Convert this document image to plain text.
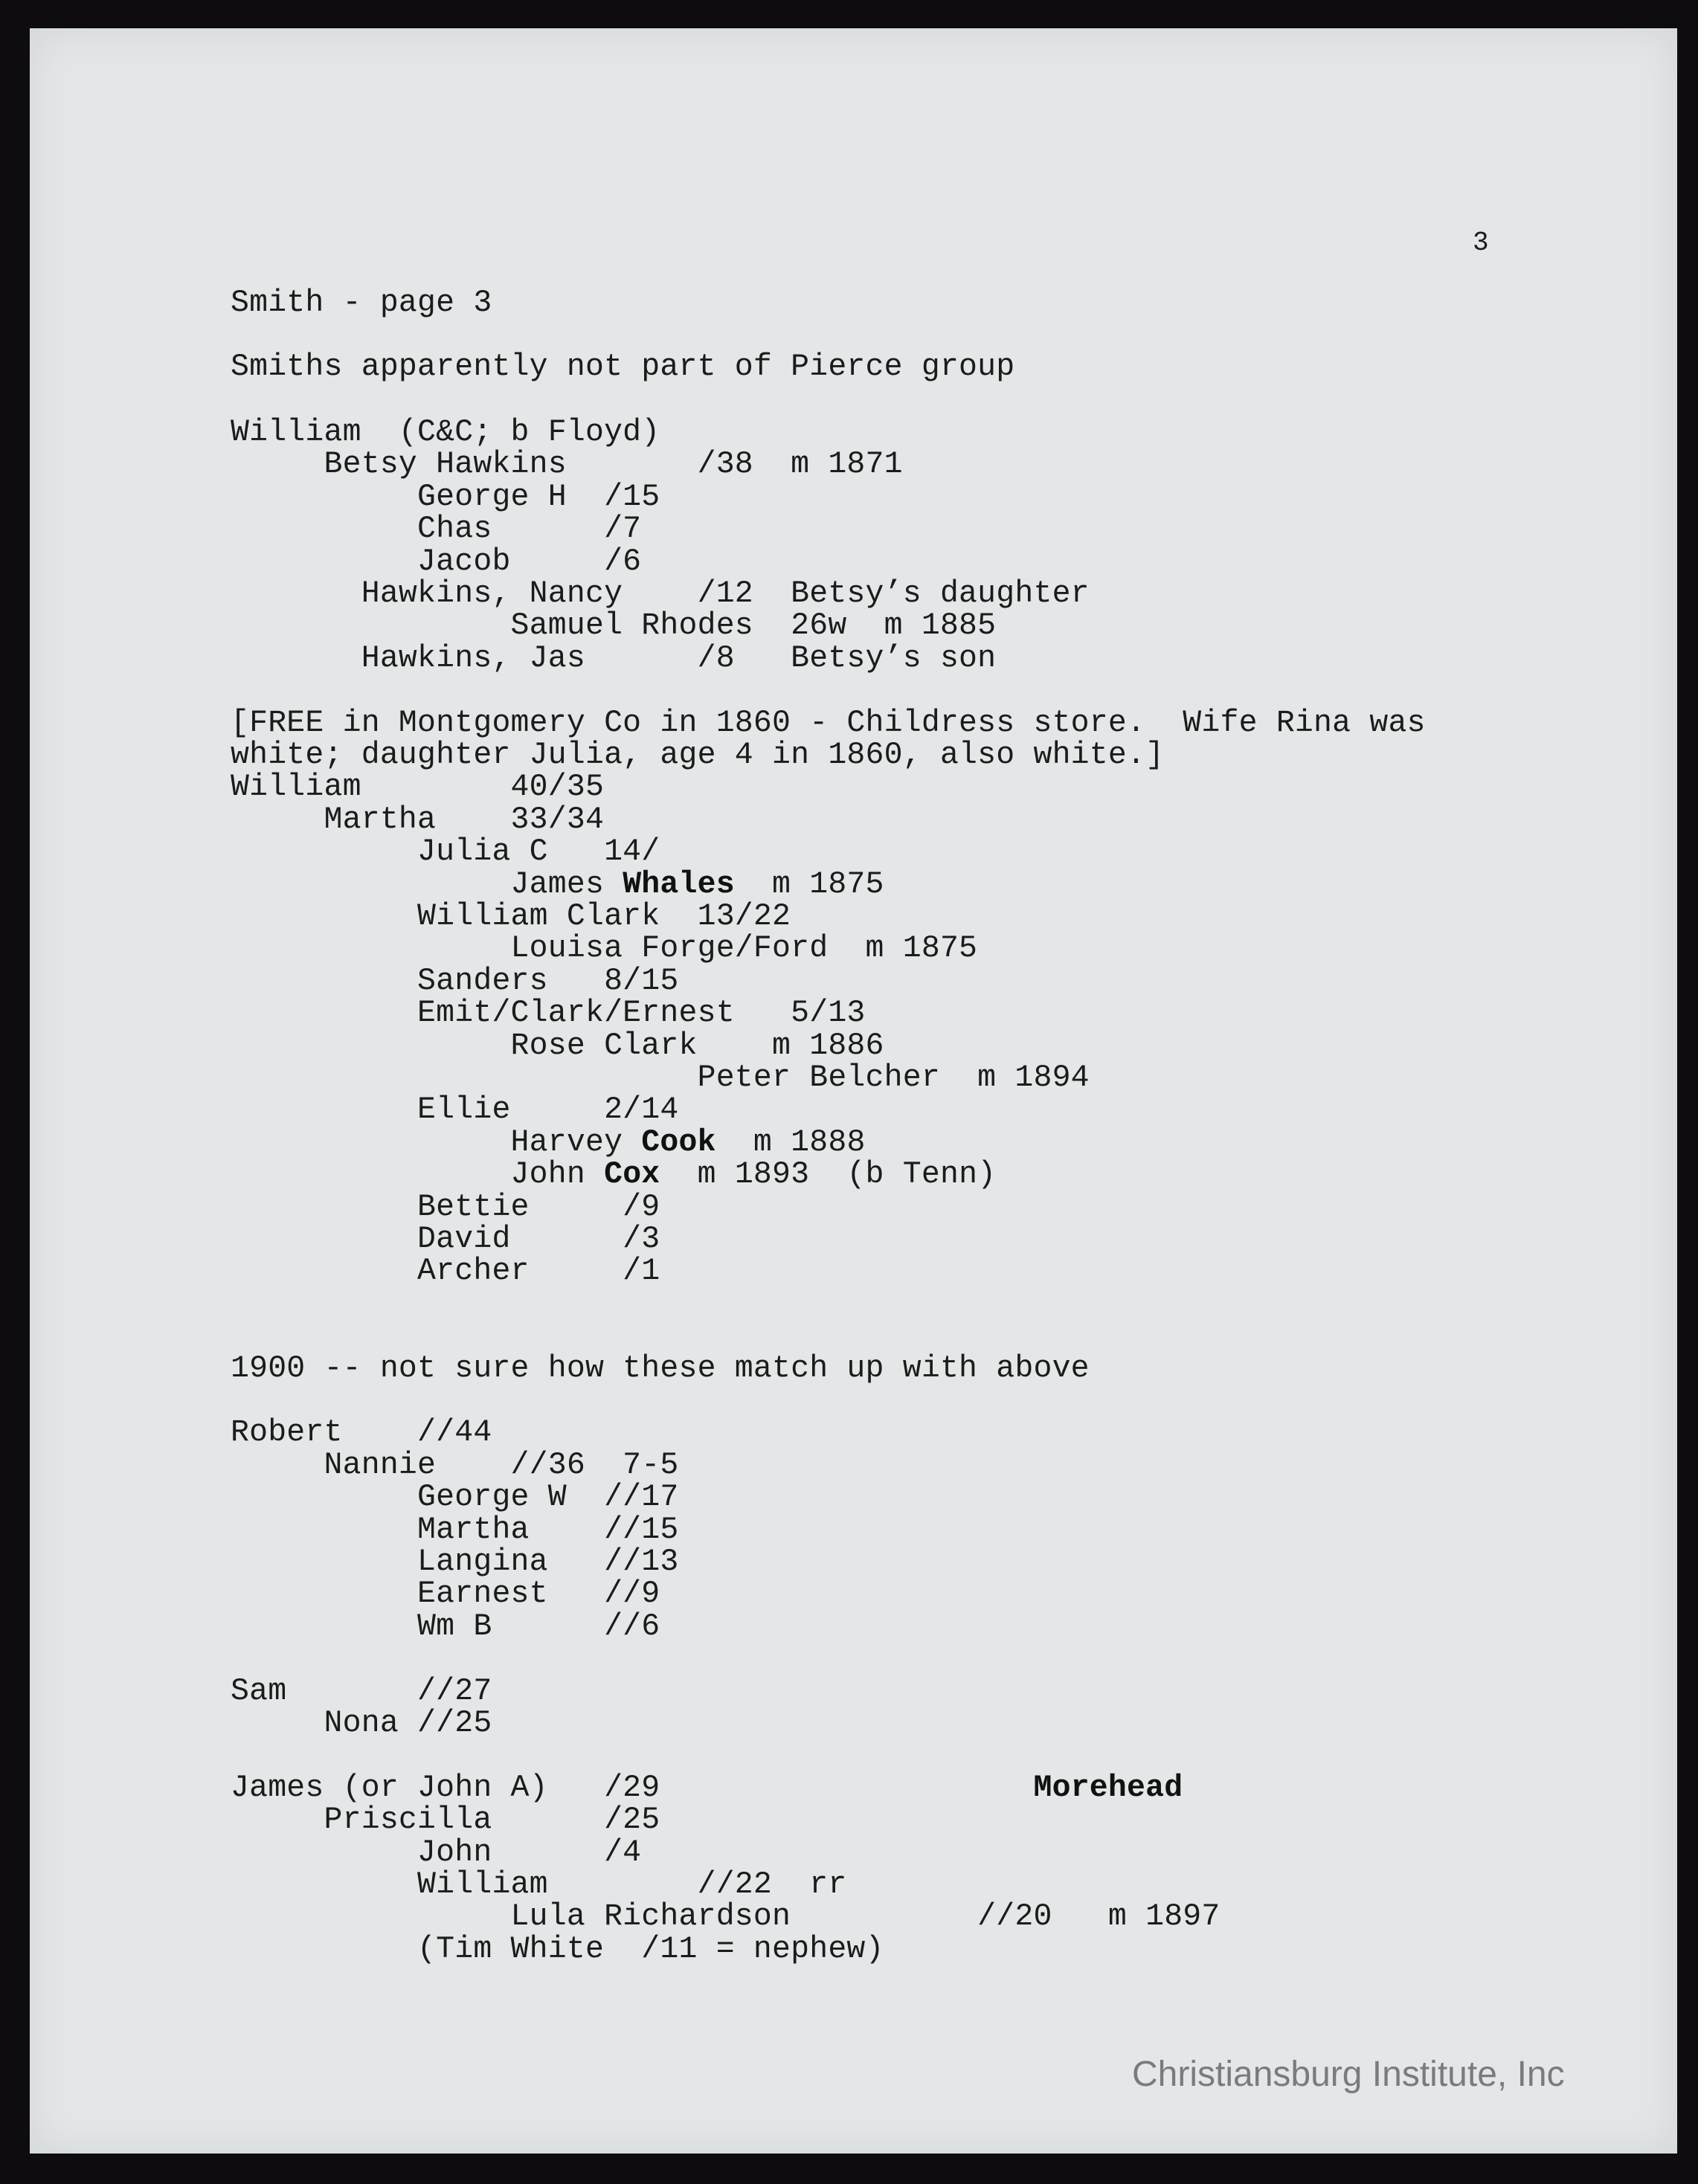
3
Smith - page 3
Smiths apparently not part of Pierce group
William  (C&C; b Floyd)
Betsy Hawkins       /38  m 1871
George H  /15
Chas      /7
Jacob     /6
Hawkins, Nancy    /12  Betsy’s daughter
Samuel Rhodes  26w  m 1885
Hawkins, Jas      /8   Betsy’s son
[FREE in Montgomery Co in 1860 - Childress store.  Wife Rina was
white; daughter Julia, age 4 in 1860, also white.]
William        40/35
Martha    33/34
Julia C   14/
James Whales  m 1875
William Clark  13/22
Louisa Forge/Ford  m 1875
Sanders   8/15
Emit/Clark/Ernest   5/13
Rose Clark    m 1886
Peter Belcher  m 1894
Ellie     2/14
Harvey Cook  m 1888
John Cox  m 1893  (b Tenn)
Bettie     /9
David      /3
Archer     /1
1900 -- not sure how these match up with above
Robert    //44
Nannie    //36  7-5
George W  //17
Martha    //15
Langina   //13
Earnest   //9
Wm B      //6
Sam       //27
Nona //25
James (or John A)   /29                    Morehead
Priscilla      /25
John      /4
William        //22  rr
Lula Richardson          //20   m 1897
(Tim White  /11 = nephew)
Christiansburg Institute, Inc
